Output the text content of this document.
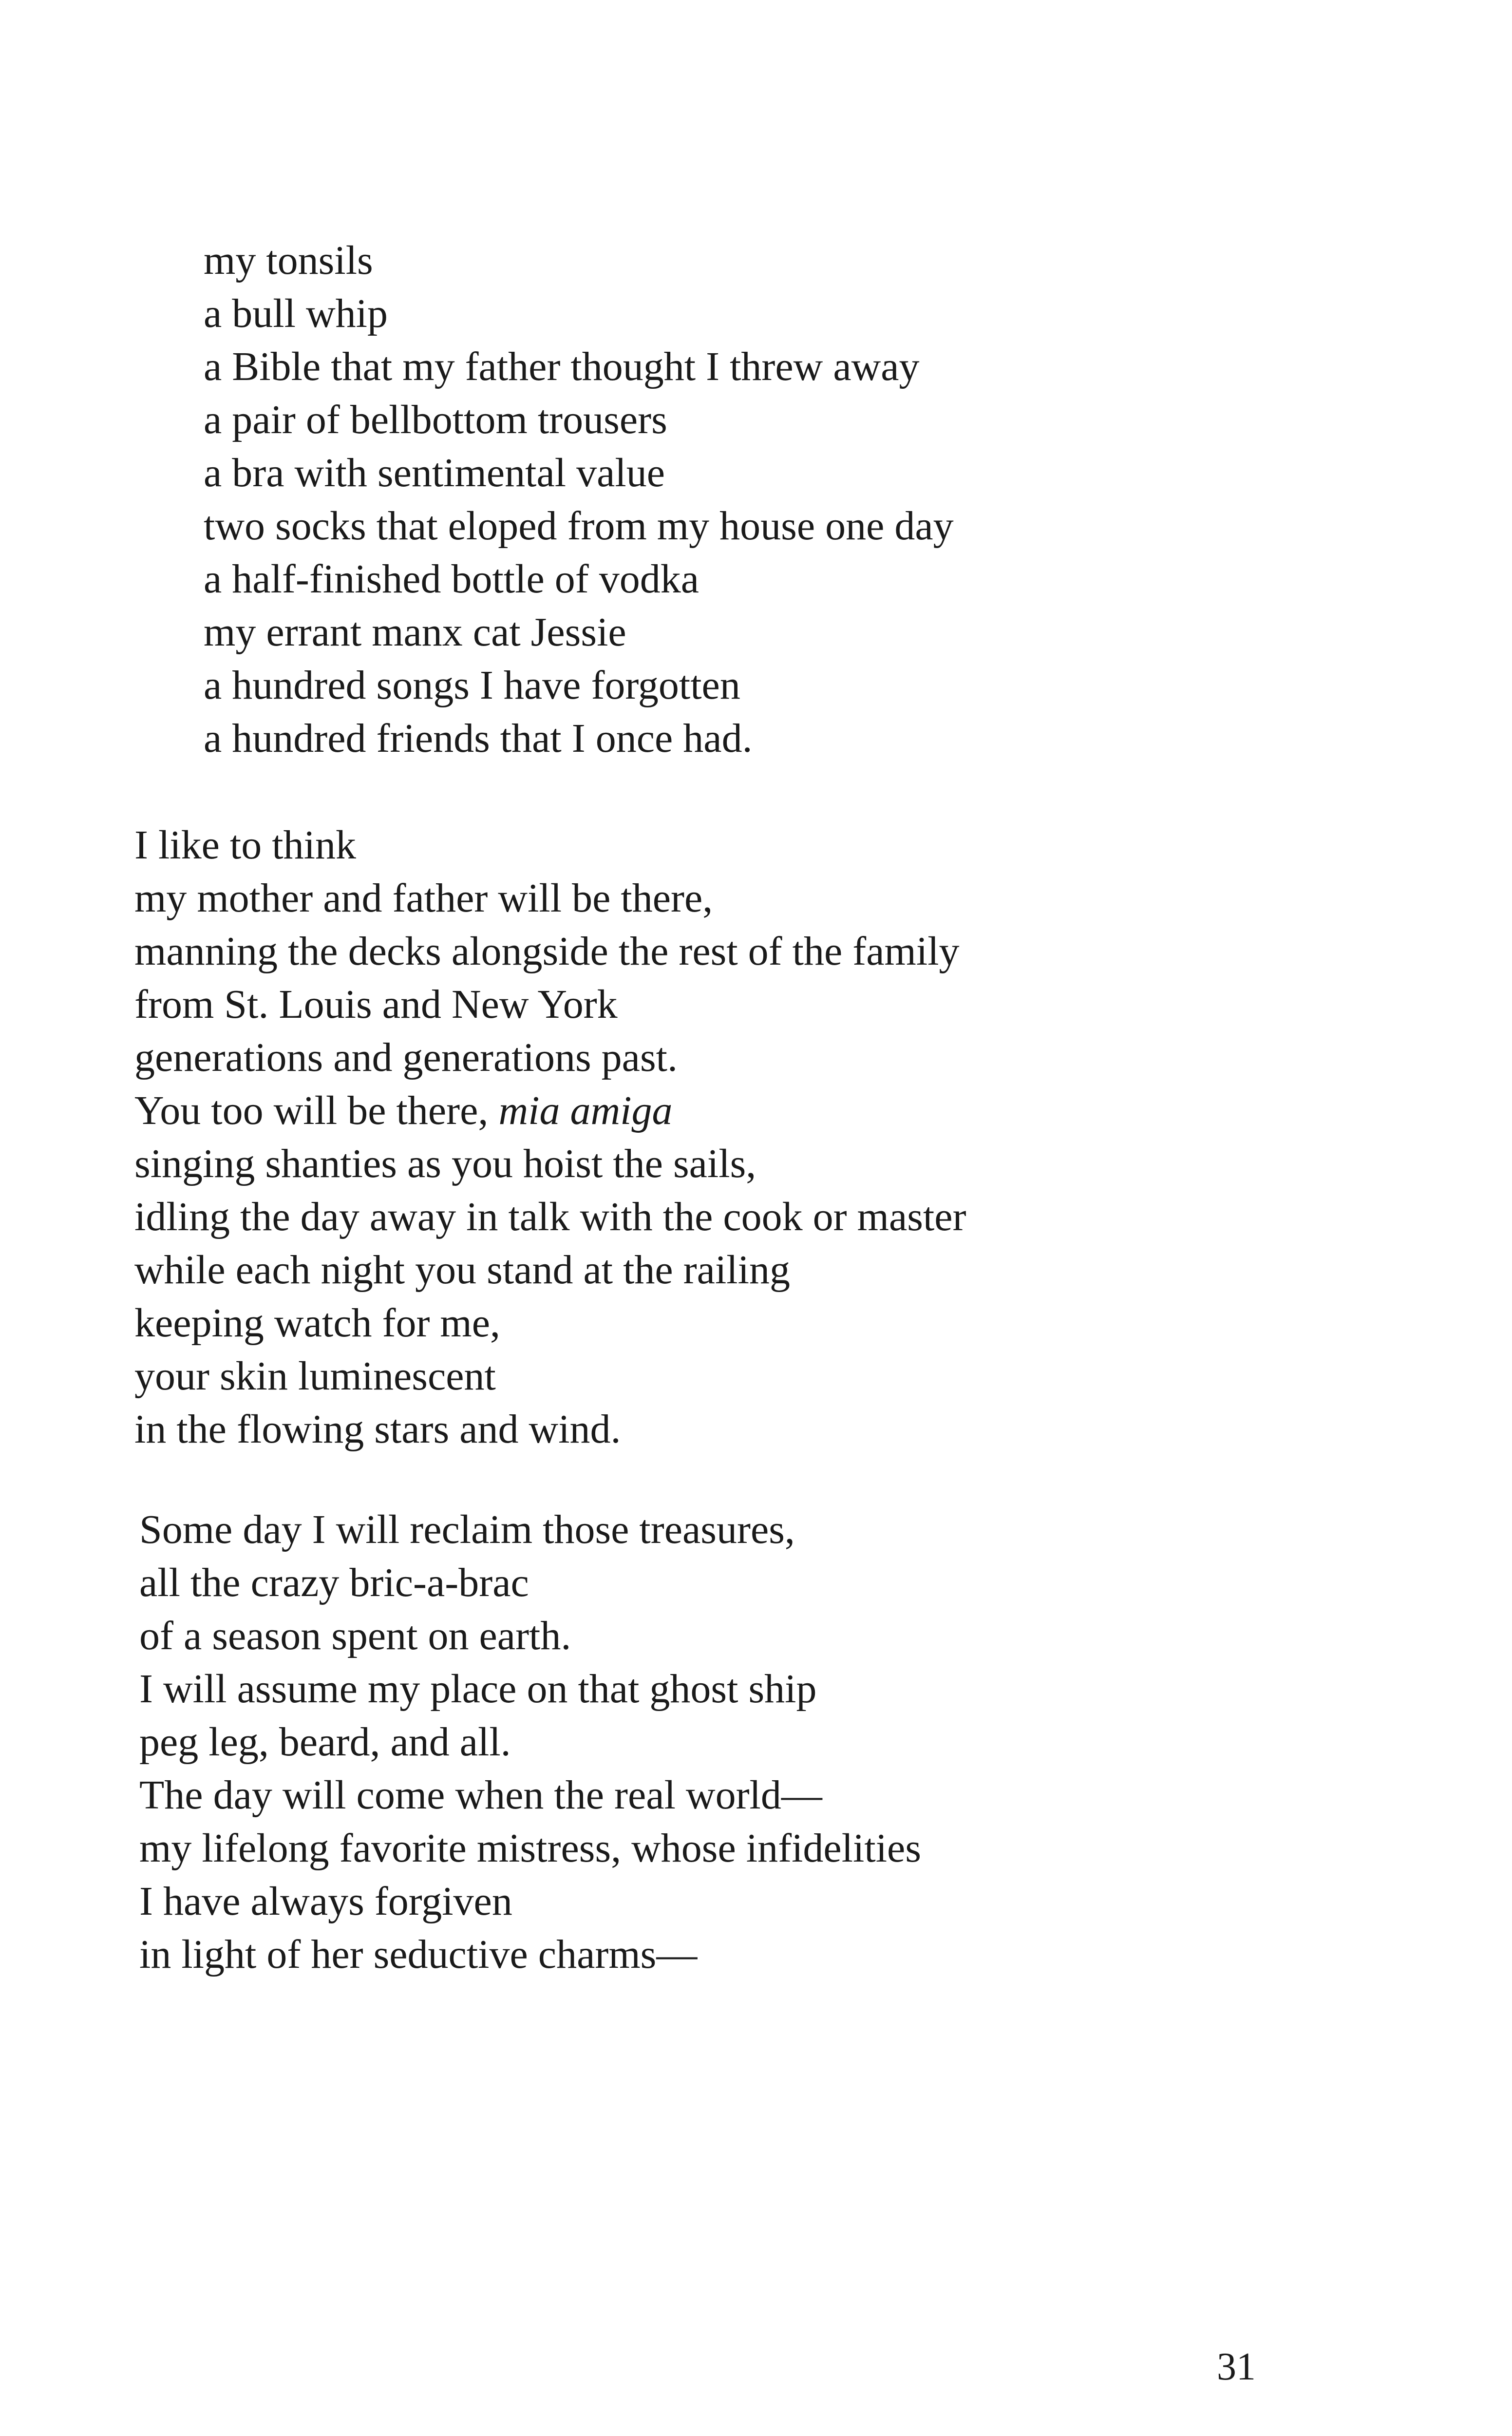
my tonsils
a bull whip
a Bible that my father thought I threw away
a pair of bellbottom trousers
a bra with sentimental value
two socks that eloped from my house one day
a half-finished bottle of vodka
my errant manx cat Jessie
a hundred songs I have forgotten
a hundred friends that I once had.
I like to think
my mother and father will be there,
manning the decks alongside the rest of the family
from St. Louis and New York
generations and generations past.
You too will be there, mia amiga
singing shanties as you hoist the sails,
idling the day away in talk with the cook or master
while each night you stand at the railing
keeping watch for me,
your skin luminescent
in the flowing stars and wind.
Some day I will reclaim those treasures,
all the crazy bric-a-brac
of a season spent on earth.
I will assume my place on that ghost ship
peg leg, beard, and all.
The day will come when the real world—
my lifelong favorite mistress, whose infidelities
I have always forgiven
in light of her seductive charms—
31
